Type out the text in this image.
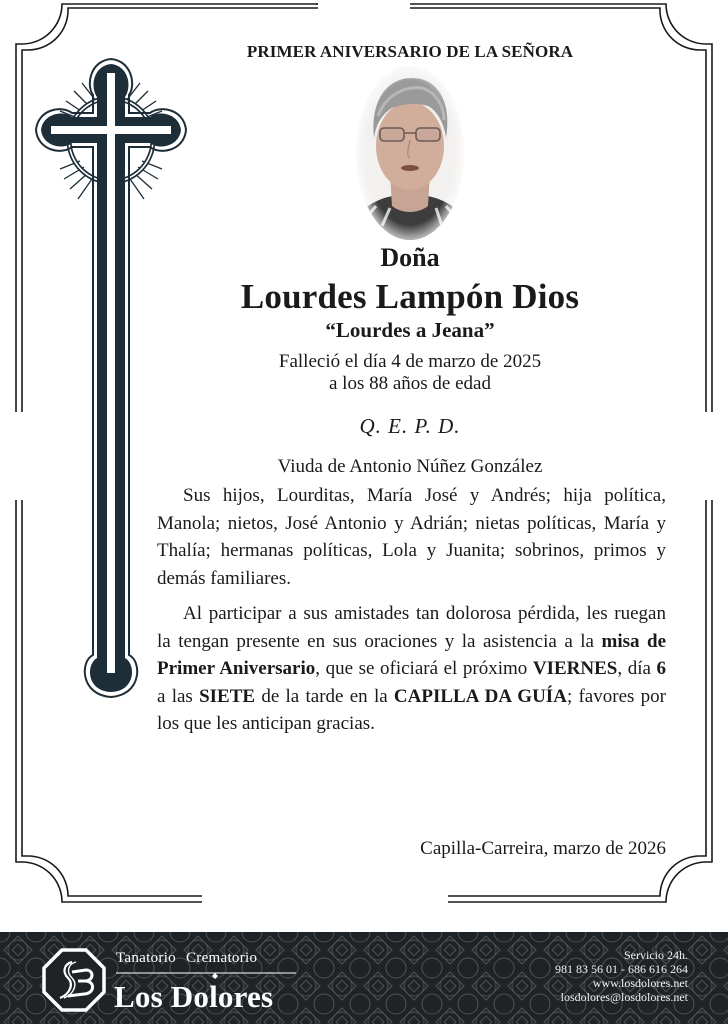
PRIMER ANIVERSARIO DE LA SEÑORA
Doña
Lourdes Lampón Dios
“Lourdes a Jeana”
Falleció el día 4 de marzo de 2025
a los 88 años de edad
Q. E. P. D.
Viuda de Antonio Núñez González
Sus hijos, Lourditas, María José y Andrés; hija política, Manola; nietos, José Antonio y Adrián; nietas políticas, María y Thalía; hermanas políticas, Lola y Juanita; sobrinos, primos y demás familiares.
Al participar a sus amistades tan dolorosa pérdida, les ruegan la tengan presente en sus oraciones y la asistencia a la misa de Primer Aniversario, que se oficiará el próximo VIERNES, día 6 a las SIETE de la tarde en la CAPILLA DA GUÍA; favores por los que les anticipan gracias.
Capilla-Carreira, marzo de 2026
Tanatorio Crematorio
Los Dolores
Servicio 24h.
981 83 56 01 - 686 616 264
www.losdolores.net
losdolores@losdolores.net
